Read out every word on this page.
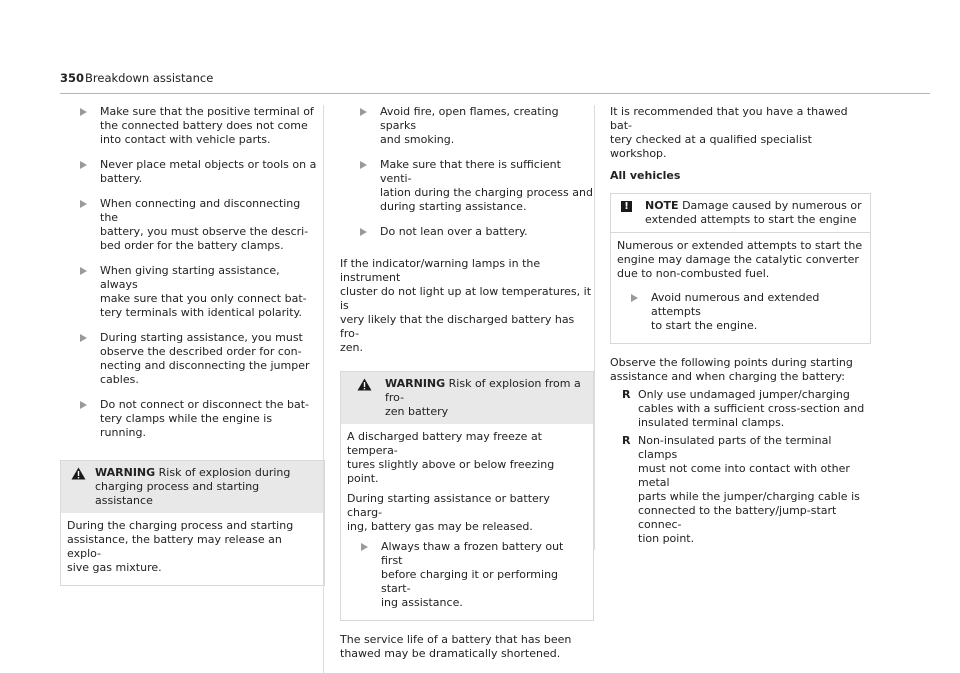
350 Breakdown assistance
Make sure that the positive terminal of
the connected battery does not come
into contact with vehicle parts.
Never place metal objects or tools on a
battery.
When connecting and disconnecting the
battery, you must observe the descri-
bed order for the battery clamps.
When giving starting assistance, always
make sure that you only connect bat-
tery terminals with identical polarity.
During starting assistance, you must
observe the described order for con-
necting and disconnecting the jumper
cables.
Do not connect or disconnect the bat-
tery clamps while the engine is running.
WARNING Risk of explosion during
charging process and starting assistance
During the charging process and starting
assistance, the battery may release an explo-
sive gas mixture.
Avoid fire, open flames, creating sparks
and smoking.
Make sure that there is sufficient venti-
lation during the charging process and
during starting assistance.
Do not lean over a battery.
If the indicator/warning lamps in the instrument
cluster do not light up at low temperatures, it is
very likely that the discharged battery has fro-
zen.
WARNING Risk of explosion from a fro-
zen battery
A discharged battery may freeze at tempera-
tures slightly above or below freezing point.
During starting assistance or battery charg-
ing, battery gas may be released.
Always thaw a frozen battery out first
before charging it or performing start-
ing assistance.
The service life of a battery that has been
thawed may be dramatically shortened.
It is recommended that you have a thawed bat-
tery checked at a qualified specialist workshop.
All vehicles
! NOTE Damage caused by numerous or
extended attempts to start the engine
Numerous or extended attempts to start the
engine may damage the catalytic converter
due to non-combusted fuel.
Avoid numerous and extended attempts
to start the engine.
Observe the following points during starting
assistance and when charging the battery:
R Only use undamaged jumper/charging
cables with a sufficient cross-section and
insulated terminal clamps.
R Non-insulated parts of the terminal clamps
must not come into contact with other metal
parts while the jumper/charging cable is
connected to the battery/jump-start connec-
tion point.
